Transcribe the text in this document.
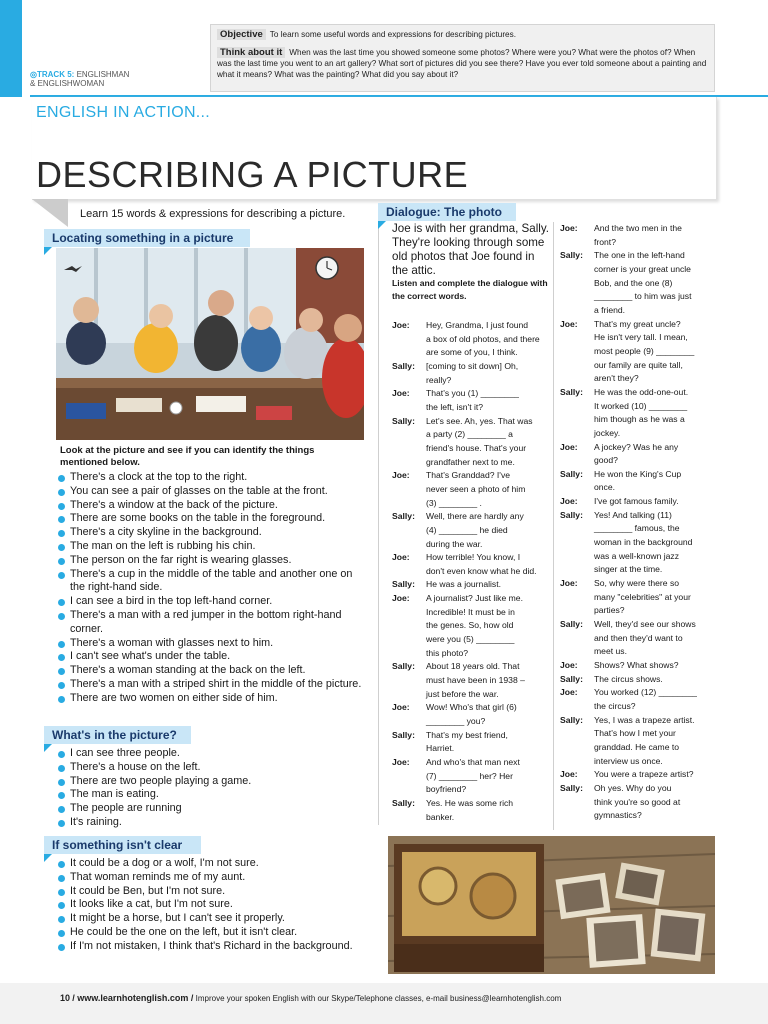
Objective To learn some useful words and expressions for describing pictures.
Think about it When was the last time you showed someone some photos? Where were you? What were the photos of? When was the last time you went to an art gallery? What sort of pictures did you see there? Have you ever told someone about a painting and what it means? What was the painting? What did you say about it?
◎TRACK 5: ENGLISHMAN
& ENGLISHWOMAN
ENGLISH IN ACTION...
DESCRIBING A PICTURE
Learn 15 words & expressions for describing a picture.
Locating something in a picture
Look at the picture and see if you can identify the things mentioned below.
There's a clock at the top to the right.
You can see a pair of glasses on the table at the front.
There's a window at the back of the picture.
There are some books on the table in the foreground.
There's a city skyline in the background.
The man on the left is rubbing his chin.
The person on the far right is wearing glasses.
There's a cup in the middle of the table and another one on the right-hand side.
I can see a bird in the top left-hand corner.
There's a man with a red jumper in the bottom right-hand corner.
There's a woman with glasses next to him.
I can't see what's under the table.
There's a woman standing at the back on the left.
There's a man with a striped shirt in the middle of the picture.
There are two women on either side of him.
What's in the picture?
I can see three people.
There's a house on the left.
There are two people playing a game.
The man is eating.
The people are running
It's raining.
If something isn't clear
It could be a dog or a wolf, I'm not sure.
That woman reminds me of my aunt.
It could be Ben, but I'm not sure.
It looks like a cat, but I'm not sure.
It might be a horse, but I can't see it properly.
He could be the one on the left, but it isn't clear.
If I'm not mistaken, I think that's Richard in the background.
Dialogue: The photo
Joe is with her grandma, Sally. They're looking through some old photos that Joe found in the attic.
Listen and complete the dialogue with the correct words.
Joe: Hey, Grandma, I just found
a box of old photos, and there
are some of you, I think.
Sally: [coming to sit down] Oh,
really?
Joe: That's you (1) ________
the left, isn't it?
Sally: Let's see. Ah, yes. That was
a party (2) ________ a
friend's house. That's your
grandfather next to me.
Joe: That's Granddad? I've
never seen a photo of him
(3) ________ .
Sally: Well, there are hardly any
(4) ________ he died
during the war.
Joe: How terrible! You know, I
don't even know what he did.
Sally: He was a journalist.
Joe: A journalist? Just like me.
Incredible! It must be in
the genes. So, how old
were you (5) ________
this photo?
Sally: About 18 years old. That
must have been in 1938 –
just before the war.
Joe: Wow! Who's that girl (6)
________ you?
Sally: That's my best friend,
Harriet.
Joe: And who's that man next
(7) ________ her? Her
boyfriend?
Sally: Yes. He was some rich
banker.
Joe: And the two men in the
front?
Sally: The one in the left-hand
corner is your great uncle
Bob, and the one (8)
________ to him was just
a friend.
Joe: That's my great uncle?
He isn't very tall. I mean,
most people (9) ________
our family are quite tall,
aren't they?
Sally: He was the odd-one-out.
It worked (10) ________
him though as he was a
jockey.
Joe: A jockey? Was he any
good?
Sally: He won the King's Cup
once.
Joe: I've got famous family.
Sally: Yes! And talking (11)
________ famous, the
woman in the background
was a well-known jazz
singer at the time.
Joe: So, why were there so
many "celebrities" at your
parties?
Sally: Well, they'd see our shows
and then they'd want to
meet us.
Joe: Shows? What shows?
Sally: The circus shows.
Joe: You worked (12) ________
the circus?
Sally: Yes, I was a trapeze artist.
That's how I met your
granddad. He came to
interview us once.
Joe: You were a trapeze artist?
Sally: Oh yes. Why do you
think you're so good at
gymnastics?
10 / www.learnhotenglish.com / Improve your spoken English with our Skype/Telephone classes, e-mail business@learnhotenglish.com
